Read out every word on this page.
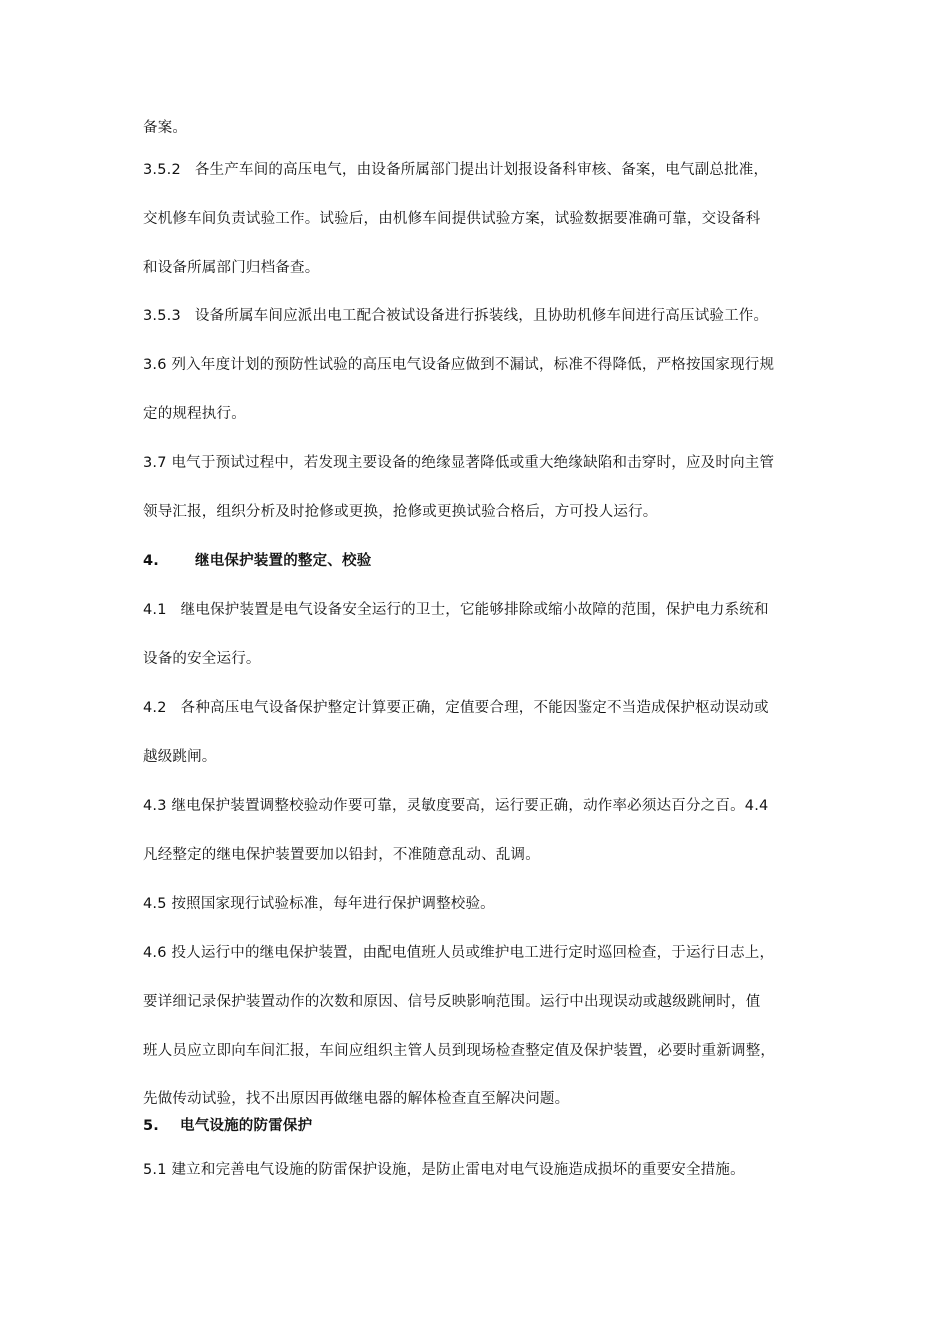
备案。
3.5.2 各生产车间的高压电气，由设备所属部门提出计划报设备科审核、备案，电气副总批准，
交机修车间负责试验工作。试验后，由机修车间提供试验方案，试验数据要准确可靠，交设备科
和设备所属部门归档备查。
3.5.3 设备所属车间应派出电工配合被试设备进行拆装线，且协助机修车间进行高压试验工作。
3.6 列入年度计划的预防性试验的高压电气设备应做到不漏试，标准不得降低，严格按国家现行规
定的规程执行。
3.7 电气于预试过程中，若发现主要设备的绝缘显著降低或重大绝缘缺陷和击穿时，应及时向主管
领导汇报，组织分析及时抢修或更换，抢修或更换试验合格后，方可投人运行。
4. 继电保护装置的整定、校验
4.1 继电保护装置是电气设备安全运行的卫士，它能够排除或缩小故障的范围，保护电力系统和
设备的安全运行。
4.2 各种高压电气设备保护整定计算要正确，定值要合理，不能因鉴定不当造成保护枢动误动或
越级跳闸。
4.3 继电保护装置调整校验动作要可靠，灵敏度要高，运行要正确，动作率必须达百分之百。4.4
凡经整定的继电保护装置要加以铅封，不准随意乱动、乱调。
4.5 按照国家现行试验标准，每年进行保护调整校验。
4.6 投人运行中的继电保护装置，由配电值班人员或维护电工进行定时巡回检查，于运行日志上，
要详细记录保护装置动作的次数和原因、信号反映影响范围。运行中出现误动或越级跳闸时，值
班人员应立即向车间汇报，车间应组织主管人员到现场检查整定值及保护装置，必要时重新调整，
先做传动试验，找不出原因再做继电器的解体检查直至解决问题。
5. 电气设施的防雷保护
5.1 建立和完善电气设施的防雷保护设施，是防止雷电对电气设施造成损坏的重要安全措施。
